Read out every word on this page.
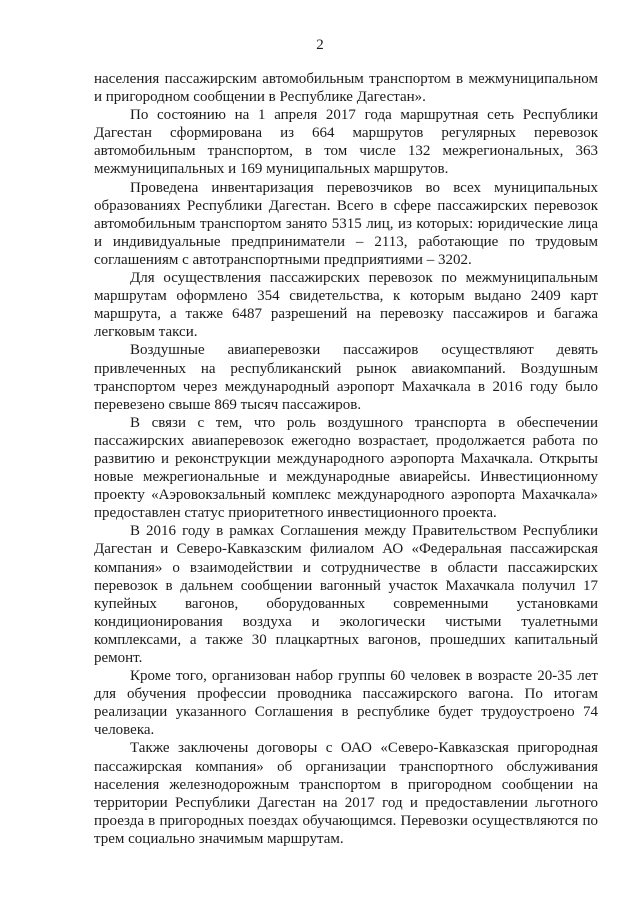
2

населения пассажирским автомобильным транспортом в межмуниципальном и пригородном сообщении в Республике Дагестан».

По состоянию на 1 апреля 2017 года маршрутная сеть Республики Дагестан сформирована из 664 маршрутов регулярных перевозок автомобильным транспортом, в том числе 132 межрегиональных, 363 межмуниципальных и 169 муниципальных маршрутов.

Проведена инвентаризация перевозчиков во всех муниципальных образованиях Республики Дагестан. Всего в сфере пассажирских перевозок автомобильным транспортом занято 5315 лиц, из которых: юридические лица и индивидуальные предприниматели – 2113, работающие по трудовым соглашениям с автотранспортными предприятиями – 3202.

Для осуществления пассажирских перевозок по межмуниципальным маршрутам оформлено 354 свидетельства, к которым выдано 2409 карт маршрута, а также 6487 разрешений на перевозку пассажиров и багажа легковым такси.

Воздушные авиаперевозки пассажиров осуществляют девять привлеченных на республиканский рынок авиакомпаний. Воздушным транспортом через международный аэропорт Махачкала в 2016 году было перевезено свыше 869 тысяч пассажиров.

В связи с тем, что роль воздушного транспорта в обеспечении пассажирских авиаперевозок ежегодно возрастает, продолжается работа по развитию и реконструкции международного аэропорта Махачкала. Открыты новые межрегиональные и международные авиарейсы. Инвестиционному проекту «Аэровокзальный комплекс международного аэропорта Махачкала» предоставлен статус приоритетного инвестиционного проекта.

В 2016 году в рамках Соглашения между Правительством Республики Дагестан и Северо-Кавказским филиалом АО «Федеральная пассажирская компания» о взаимодействии и сотрудничестве в области пассажирских перевозок в дальнем сообщении вагонный участок Махачкала получил 17 купейных вагонов, оборудованных современными установками кондиционирования воздуха и экологически чистыми туалетными комплексами, а также 30 плацкартных вагонов, прошедших капитальный ремонт.

Кроме того, организован набор группы 60 человек в возрасте 20-35 лет для обучения профессии проводника пассажирского вагона. По итогам реализации указанного Соглашения в республике будет трудоустроено 74 человека.

Также заключены договоры с ОАО «Северо-Кавказская пригородная пассажирская компания» об организации транспортного обслуживания населения железнодорожным транспортом в пригородном сообщении на территории Республики Дагестан на 2017 год и предоставлении льготного проезда в пригородных поездах обучающимся. Перевозки осуществляются по трем социально значимым маршрутам.
